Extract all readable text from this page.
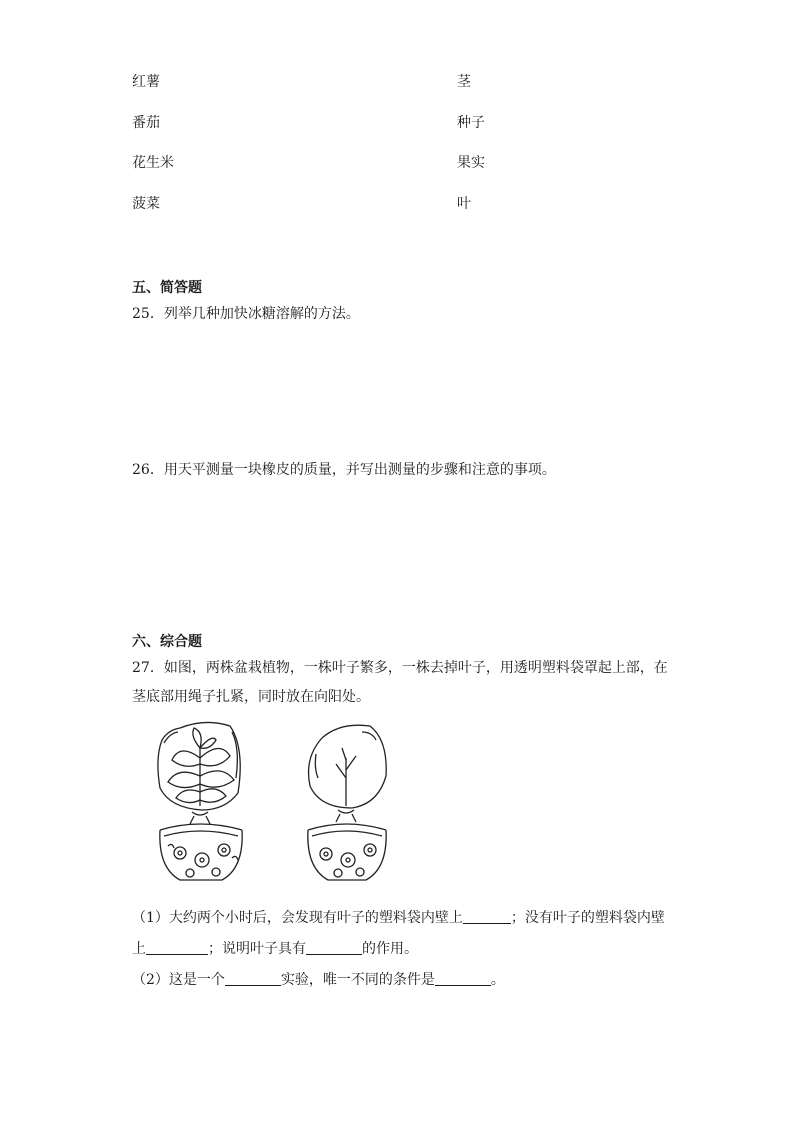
红薯	茎
番茄	种子
花生米	果实
菠菜	叶
五、简答题
25．列举几种加快冰糖溶解的方法。
26．用天平测量一块橡皮的质量，并写出测量的步骤和注意的事项。
六、综合题
27．如图，两株盆栽植物，一株叶子繁多，一株去掉叶子，用透明塑料袋罩起上部，在
茎底部用绳子扎紧，同时放在向阳处。
（1）大约两个小时后，会发现有叶子的塑料袋内壁上	；没有叶子的塑料袋内壁
上	；说明叶子具有	的作用。
（2）这是一个	实验，唯一不同的条件是	。
